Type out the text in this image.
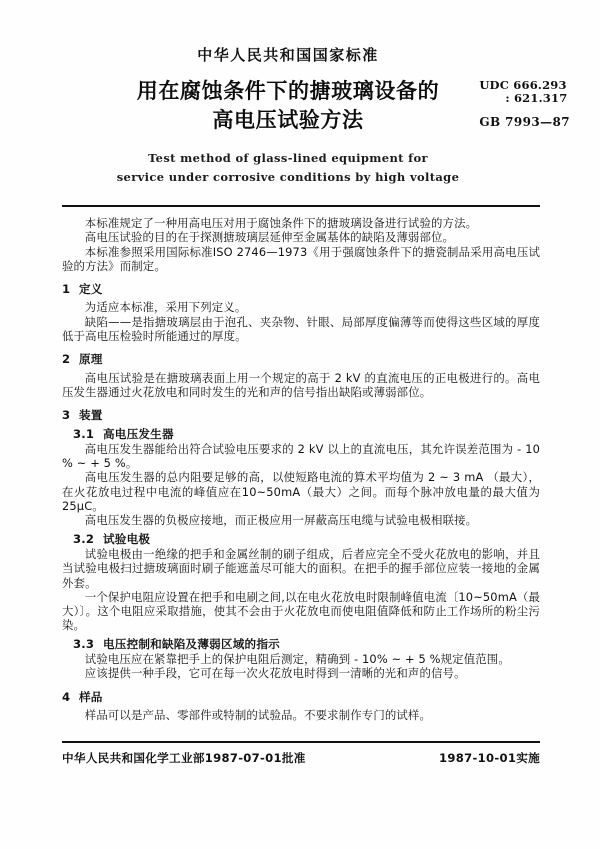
中华人民共和国国家标准
用在腐蚀条件下的搪玻璃设备的
高电压试验方法
Test method of glass-lined equipment for
service under corrosive conditions by high voltage
UDC 666.293
: 621.317
GB 7993—87

本标准规定了一种用高电压对用于腐蚀条件下的搪玻璃设备进行试验的方法。

高电压试验的目的在于探测搪玻璃层延伸至金属基体的缺陷及薄弱部位。

本标准参照采用国际标准ISO 2746—1973《用于强腐蚀条件下的搪瓷制品采用高电压试验的方法》而制定。

1 定义

为适应本标准，采用下列定义。

缺陷——是指搪玻璃层由于泡孔、夹杂物、针眼、局部厚度偏薄等而使得这些区域的厚度低于高电压检验时所能通过的厚度。

2 原理

高电压试验是在搪玻璃表面上用一个规定的高于 2 kV 的直流电压的正电极进行的。高电压发生器通过火花放电和同时发生的光和声的信号指出缺陷或薄弱部位。

3 装置
3.1 高电压发生器

高电压发生器能给出符合试验电压要求的 2 kV 以上的直流电压，其允许误差范围为 - 10 % ~ + 5 %。

高电压发生器的总内阻要足够的高，以使短路电流的算术平均值为 2 ~ 3 mA （最大），在火花放电过程中电流的峰值应在10~50mA（最大）之间。而每个脉冲放电量的最大值为25μC。

高电压发生器的负极应接地，而正极应用一屏蔽高压电缆与试验电极相联接。

3.2 试验电极

试验电极由一绝缘的把手和金属丝制的刷子组成，后者应完全不受火花放电的影响，并且当试验电极扫过搪玻璃面时刷子能遮盖尽可能大的面积。在把手的握手部位应装一接地的金属外套。

一个保护电阻应设置在把手和电刷之间,以在电火花放电时限制峰值电流〔10~50mA（最大）〕。这个电阻应采取措施，使其不会由于火花放电而使电阻值降低和防止工作场所的粉尘污染。

3.3 电压控制和缺陷及薄弱区域的指示

试验电压应在紧靠把手上的保护电阻后测定，精确到 - 10% ~ + 5 %规定值范围。

应该提供一种手段，它可在每一次火花放电时得到一清晰的光和声的信号。

4 样品

样品可以是产品、零部件或特制的试验品。不要求制作专门的试样。

中华人民共和国化学工业部1987-07-01批准	1987-10-01实施
